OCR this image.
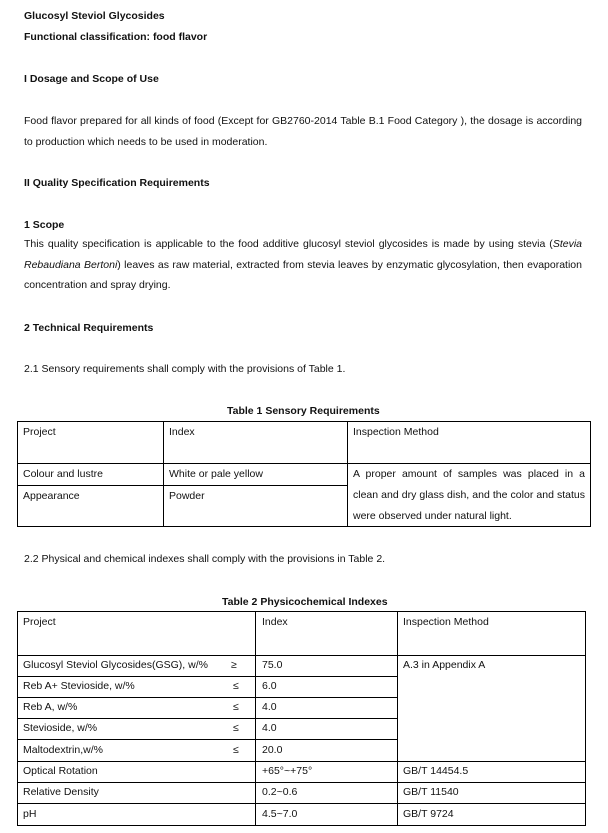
Glucosyl Steviol Glycosides
Functional classification: food flavor
I Dosage and Scope of Use
Food flavor prepared for all kinds of food (Except for GB2760-2014 Table B.1 Food Category ), the dosage is according to production which needs to be used in moderation.
II Quality Specification Requirements
1 Scope
This quality specification is applicable to the food additive glucosyl steviol glycosides is made by using stevia (Stevia Rebaudiana Bertoni) leaves as raw material, extracted from stevia leaves by enzymatic glycosylation, then evaporation concentration and spray drying.
2 Technical Requirements
2.1 Sensory requirements shall comply with the provisions of Table 1.
Table 1 Sensory Requirements
Project	Index	Inspection Method
Colour and lustre	White or pale yellow
Appearance	Powder
A proper amount of samples was placed in a clean and dry glass dish, and the color and status were observed under natural light.
2.2 Physical and chemical indexes shall comply with the provisions in Table 2.
Table 2 Physicochemical Indexes
Project	Index	Inspection Method
Glucosyl Steviol Glycosides(GSG), w/% ≥ 75.0	A.3 in Appendix A
Reb A+ Stevioside, w/%	≤ 6.0
Reb A, w/%	≤ 4.0
Stevioside, w/%	≤ 4.0
Maltodextrin,w/%	≤ 20.0
Optical Rotation	+65°~+75°	GB/T 14454.5
Relative Density	0.2~0.6	GB/T 11540
pH	4.5~7.0	GB/T 9724
